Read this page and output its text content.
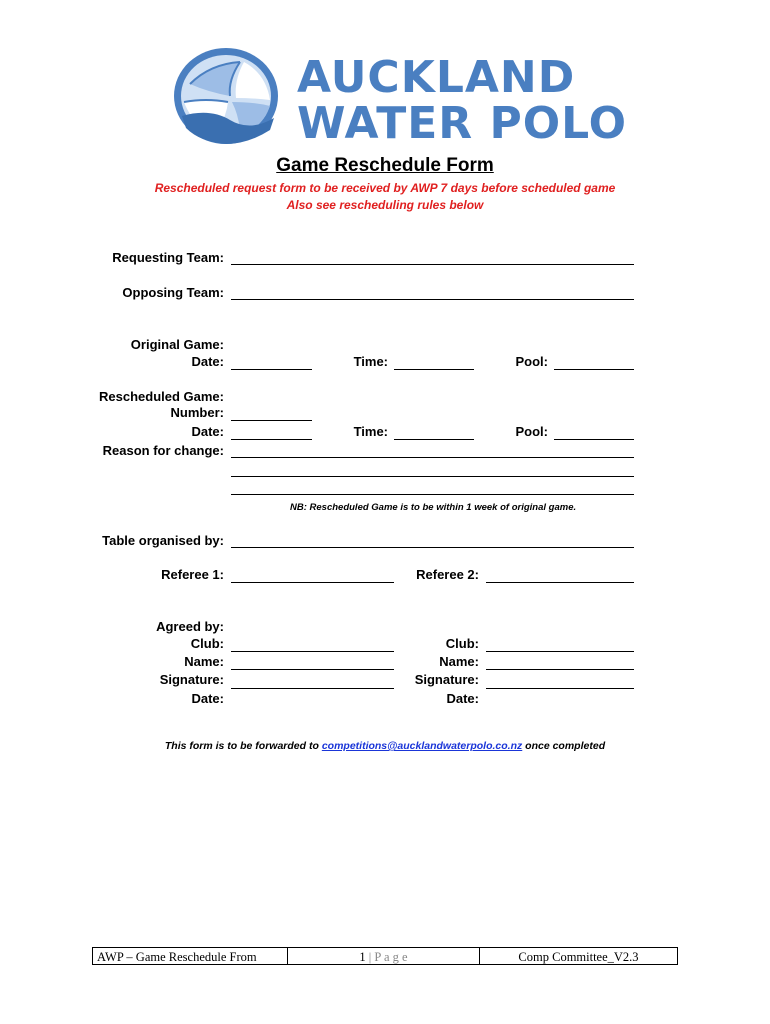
AUCKLAND
WATER POLO
Game Reschedule Form
Rescheduled request form to be received by AWP 7 days before scheduled game
Also see rescheduling rules below
Requesting Team:
Opposing Team:
Original Game:
Date:	Time:	Pool:
Rescheduled Game:
Number:
Date:	Time:	Pool:
Reason for change:
NB: Rescheduled Game is to be within 1 week of original game.
Table organised by:
Referee 1:	Referee 2:
Agreed by:
Club:	Club:
Name:	Name:
Signature:	Signature:
Date:	Date:
This form is to be forwarded to competitions@aucklandwaterpolo.co.nz once completed
AWP – Game Reschedule From	1 | P a g e	Comp Committee_V2.3
